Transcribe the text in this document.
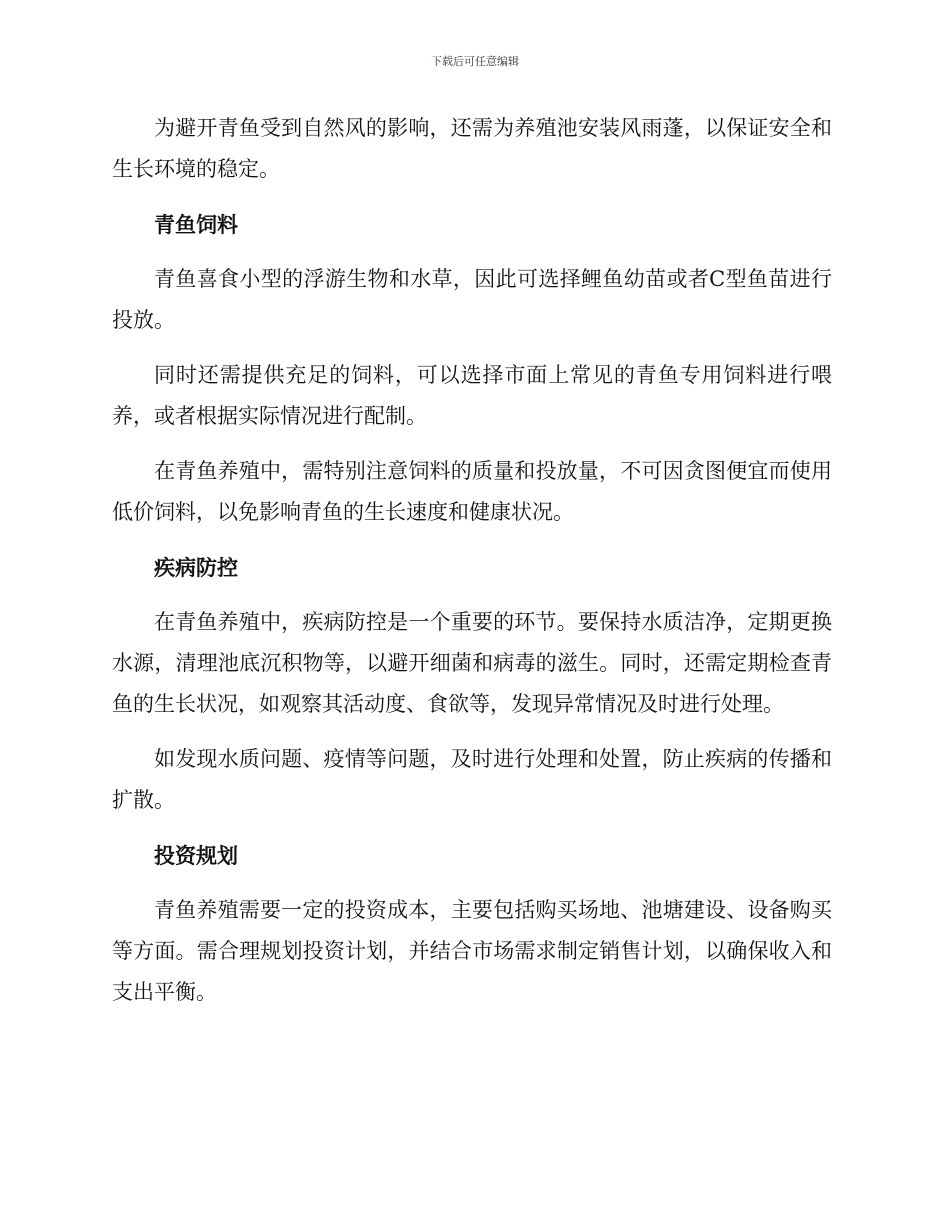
下载后可任意编辑

为避开青鱼受到自然风的影响，还需为养殖池安装风雨蓬，以保证安全和生长环境的稳定。

青鱼饲料

青鱼喜食小型的浮游生物和水草，因此可选择鲤鱼幼苗或者C型鱼苗进行投放。

同时还需提供充足的饲料，可以选择市面上常见的青鱼专用饲料进行喂养，或者根据实际情况进行配制。

在青鱼养殖中，需特别注意饲料的质量和投放量，不可因贪图便宜而使用低价饲料，以免影响青鱼的生长速度和健康状况。

疾病防控

在青鱼养殖中，疾病防控是一个重要的环节。要保持水质洁净，定期更换水源，清理池底沉积物等，以避开细菌和病毒的滋生。同时，还需定期检查青鱼的生长状况，如观察其活动度、食欲等，发现异常情况及时进行处理。

如发现水质问题、疫情等问题，及时进行处理和处置，防止疾病的传播和扩散。

投资规划

青鱼养殖需要一定的投资成本，主要包括购买场地、池塘建设、设备购买等方面。需合理规划投资计划，并结合市场需求制定销售计划，以确保收入和支出平衡。
